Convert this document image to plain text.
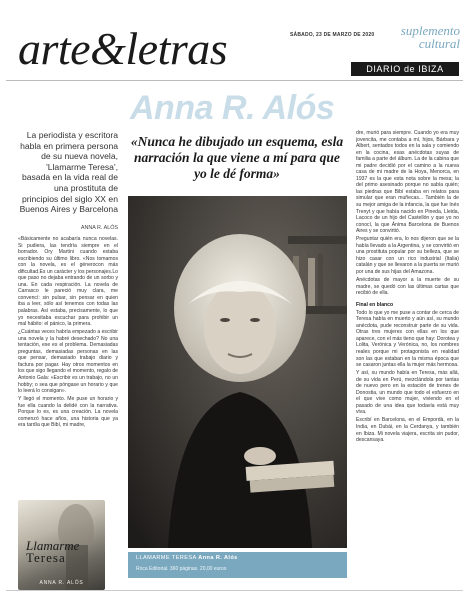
arte&letras	SÁBADO, 23 DE MARZO DE 2020	suplemento
cultural
DIARIO de IBIZA
Anna R. Alós
«Nunca he dibujado un esquema, esla narración la que viene a mí para que yo le dé forma»
La periodista y escritora habla en primera persona de su nueva novela, 'Llamarme Teresa', basada en la vida real de una prostituta de principios del siglo XX en Buenos Aires y Barcelona
ANNA R. ALÓS

«Básicamente no acabaría nunca novelas. Si pudiera, las tendría siempre en el borrador. Ory Martini cuando estaba escribiendo su último libro. «Nos tomamos con la novela, es el génerocon más dificultad.Es un carácter y los personajes.Lo que paso no dejaba entrando de un sorbo y una. En cada respiración. La novela de Carrasco le pareció muy clara, me convencí: sin pulsar, sin pensar en quien iba a leer, sólo así tenemos con todas las palabras. Así estaba, precisamente, lo que yo necesitaba escuchar para prohibir un mal hábito: el pánico, la primera.

¿Cuántas veces habría empezado a escribir una novela y la habré desechado? No una tentación, ese es el problema. Demasiadas preguntas, demasiadas personas en las que pensar, demasiado trabajo diario y factura por pagar. Hay otros momentos en los que sigo llegando el momento, regalo de Antonio Gala: «Escribir es un trabajo, no un hobby; o sea que póngase un horario y que lo leerá lo consigan».

Y llegó el momento. Me puse un horario y fue ella cuando la delidé con la narrativa. Porque lo es, es una creación. La novela comenzó hace años, una historia que ya era tardía que Bibí, mi madre,

Llamarme
Teresa
ANNA R. ALÓS
LLAMARME TERESA Anna R. Alós
Roca Editorial. 360 páginas. 20,00 euros

dre, murió para siempre. Cuando yo era muy jovencita, me contaba a mí, hijos, Bárbara y Albert, sentados todos en la sala y comiendo en la cocina, esas anécdotas suyas de familia a parte del álbum. La de la cabina que mi padre decidió por el camino a la nueva casa de mi madre de la Hoya, Menorca, en 1937 es la que esta nota sobre la mesa; la del primo asesinado porque no sabía quién; las piedras que Bibí estaba en relatos para simular que eran muñecas... También la de su mejor amiga de la infancia, la que fue Inés Trenyt y que había nacido en Pineda, Lleida, Lacoco de un hijo del Castellón y que yo no conocí, la que Ánima Barcelona de Buenos Aires y se convirtió.

Preguntar quién era, lo nos dijeron que se la había llevado a la Argentina, y se convirtió en una prostituta popular por su belleza, que se hizo casar con un rico industrial (Italia) catalán y que se llevaron a la puerta se murió por una de sus hijas del Amazona.

Anécdotas de mayor a la muerte de su madre, se quedó con las últimas cartas que recibió de ella.

Final en blanco

Todo lo que yo me puse a contar de cerca de Teresa había en muerto y aún así, su mundo anécdota, pude reconstruir parte de su vida. Otras tres mujeres con ellas en los que aparece, con el más tieno que hay: Dorotea y Lolita, Verónica y Verónica, no, los nombres reales porque mi protagonista en realidad son las que estaban en la misma época que se casaron juntas ella la mujer más hermosa.

Y así, su mundo había en Teresa, más allá, de su vida en Perú, mezclándola por tantas de nuevo pero en la estación de trenes de Donostia, un mundo que todo el esfuerzo en el que vive como mujer, viviendo en el pasado de una idea que todavía está muy viva.

Escribí en Barcelona, en el Empordà, en la India, en Dubái, en la Cerdanya, y también en Ibiza. Mi novela viajera, escrita sin pudor, descansaya.
